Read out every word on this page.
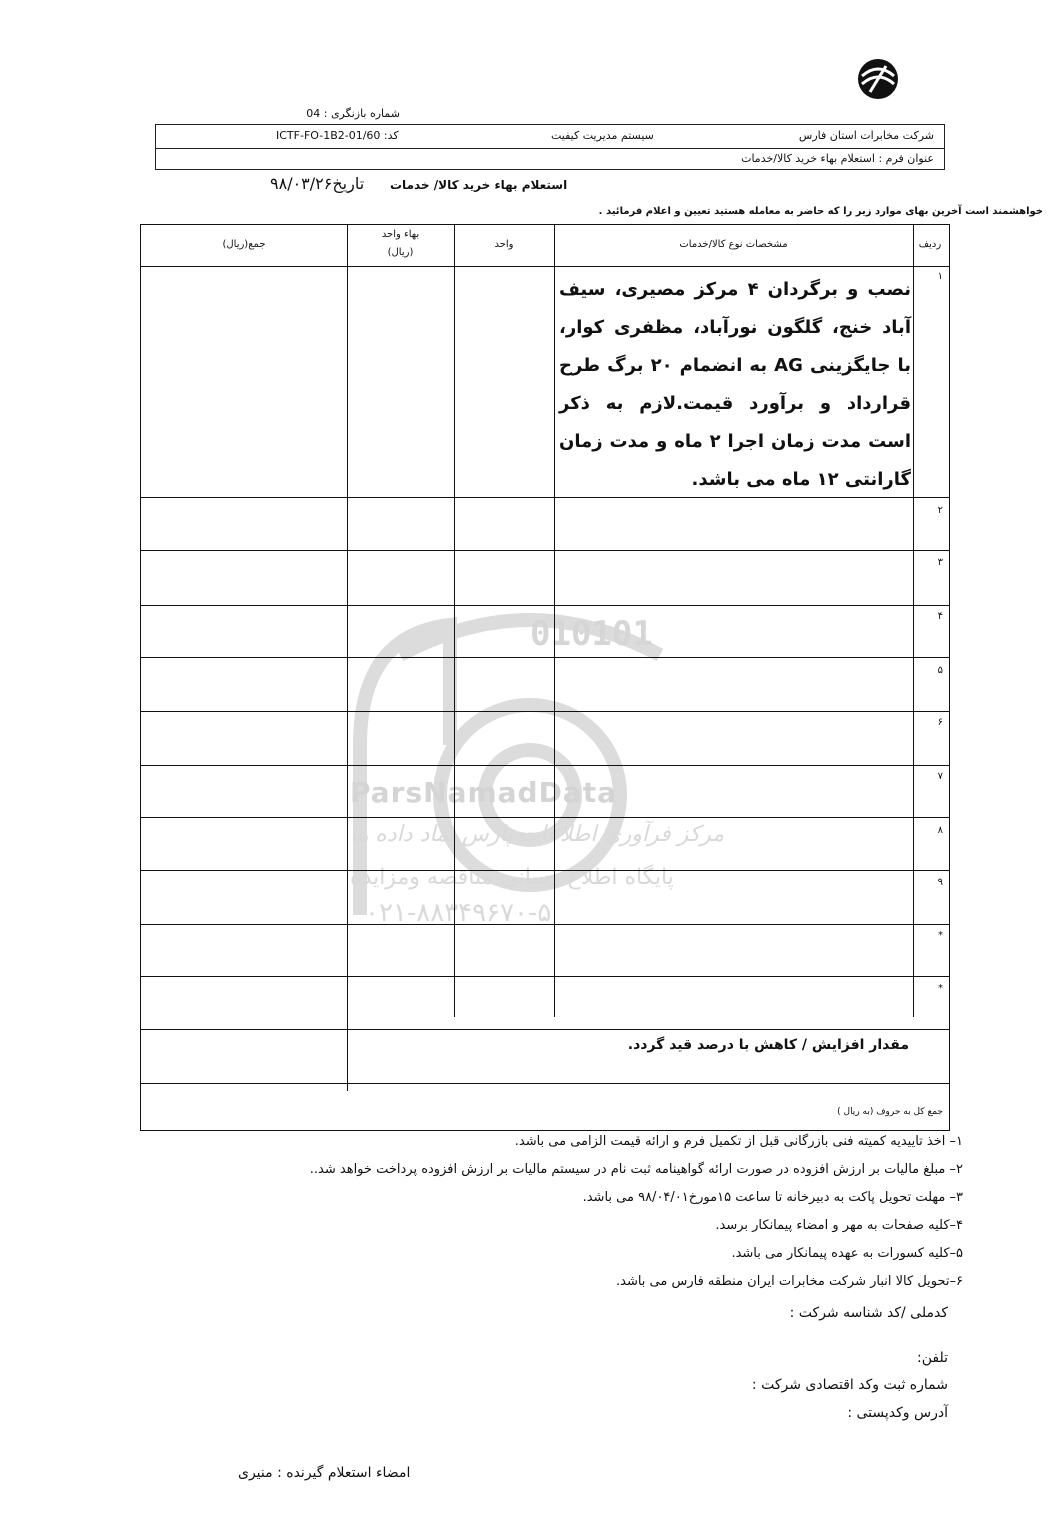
شماره بازنگری : 04
شرکت مخابرات استان فارس
سیستم مدیریت کیفیت
کد: ICTF-FO-1B2-01/60
عنوان فرم : استعلام بهاء خرید کالا/خدمات
استعلام بهاء خرید کالا/ خدمات
تاریخ۹۸/۰۳/۲۶
خواهشمند است آخرین بهای موارد زیر را که حاضر به معامله هستید تعیین و اعلام فرمائید .
010101
ParsNamadData
مرکز فرآوری اطلاعات پارس نماد داده ها
پایگاه اطلاع رسانی مناقصه ومزایده
۰۲۱-۸۸۳۴۹۶۷۰-۵
ردیف
مشخصات نوع کالا/خدمات
واحد
بهاء واحد
(ریال)
جمع(ریال)
۱
۲
۳
۴
۵
۶
۷
۸
۹
*
*
نصب و برگردان ۴ مرکز مصیری، سیف آباد خنج، گلگون نورآباد، مظفری کوار، با جایگزینی AG به انضمام ۲۰ برگ طرح قرارداد و برآورد قیمت.لازم به ذکر است مدت زمان اجرا ۲ ماه و مدت زمان گارانتی ۱۲ ماه می باشد.
مقدار افزایش / کاهش با درصد قید گردد.
جمع کل به حروف (به ریال )
۱– اخذ تاییدیه کمیته فنی بازرگانی قبل از تکمیل فرم و ارائه قیمت الزامی می باشد.
۲– مبلغ مالیات بر ارزش افزوده در صورت ارائه گواهینامه ثبت نام در سیستم مالیات بر ارزش افزوده پرداخت خواهد شد..
۳– مهلت تحویل پاکت به دبیرخانه تا ساعت ۱۵مورخ۹۸/۰۴/۰۱ می باشد.
۴–کلیه صفحات به مهر و امضاء پیمانکار برسد.
۵–کلیه کسورات به عهده پیمانکار می باشد.
۶–تحویل کالا انبار شرکت مخابرات ایران منطقه فارس می باشد.
کدملی /کد شناسه شرکت :
تلفن:
شماره ثبت وکد اقتصادی شرکت :
آدرس وکدپستی :
امضاء استعلام گیرنده : منیری
